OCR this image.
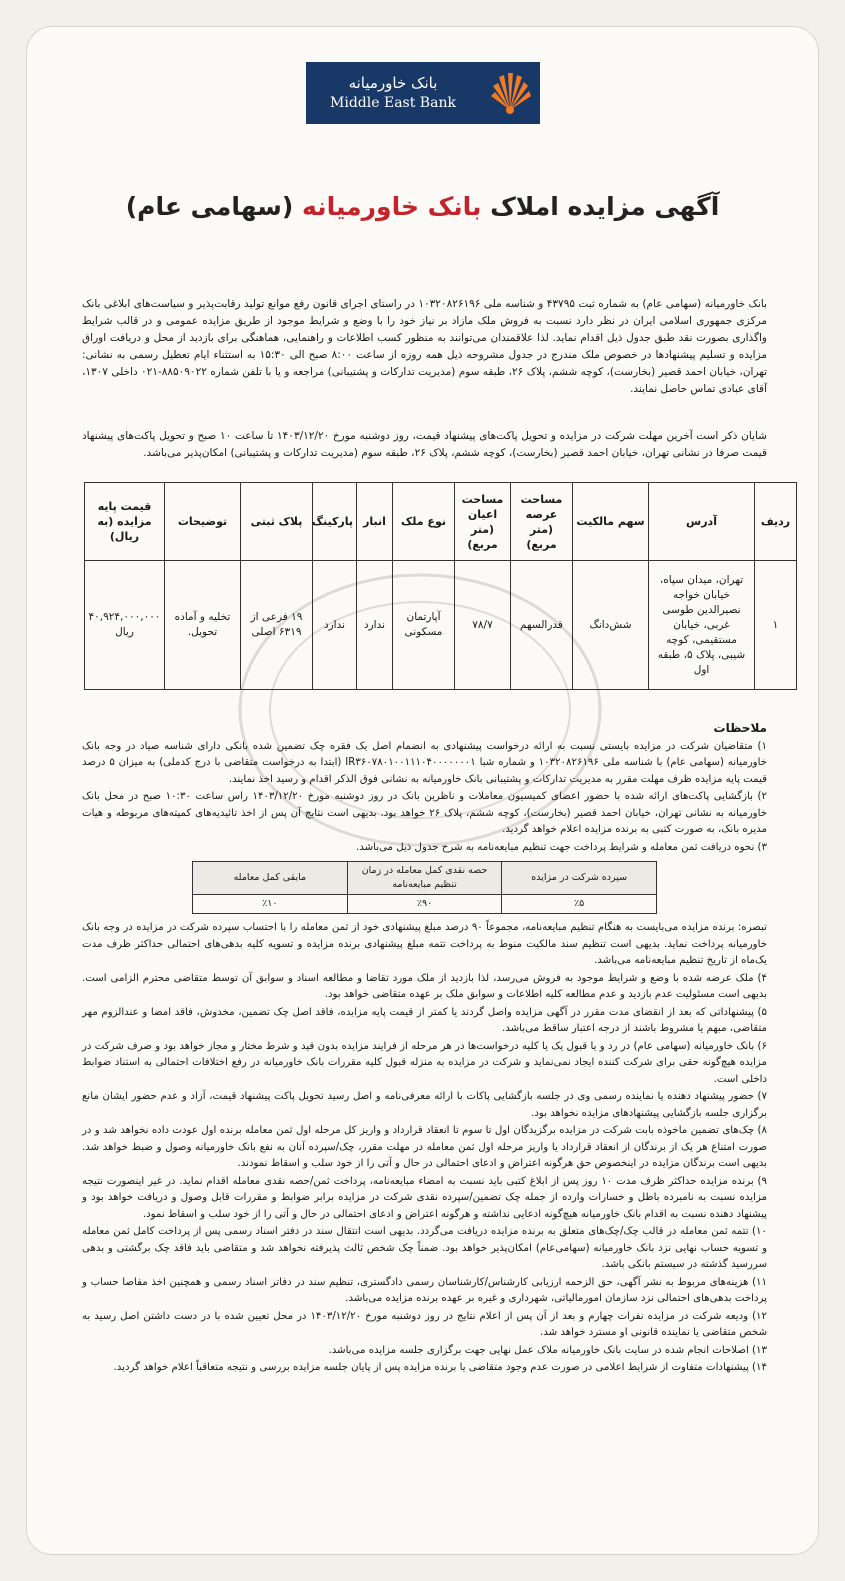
بانک خاورمیانه
Middle East Bank
آگهی مزایده املاک بانک خاورمیانه (سهامی عام)
بانک خاورمیانه (سهامی عام) به شماره ثبت ۴۳۷۹۵ و شناسه ملی ۱۰۳۲۰۸۲۶۱۹۶ در راستای اجرای قانون رفع موانع تولید رقابت‌پذیر و سیاست‌های ابلاغی بانک مرکزی جمهوری اسلامی ایران در نظر دارد نسبت به فروش ملک مازاد بر نیاز خود را با وضع و شرایط موجود از طریق مزایده عمومی و در قالب شرایط واگذاری بصورت نقد طبق جدول ذیل اقدام نماید. لذا علاقمندان می‌توانند به منظور کسب اطلاعات و راهنمایی، هماهنگی برای بازدید از محل و دریافت اوراق مزایده و تسلیم پیشنهادها در خصوص ملک مندرج در جدول مشروحه ذیل همه روزه از ساعت ۸:۰۰ صبح الی ۱۵:۳۰ به استثناء ایام تعطیل رسمی به نشانی: تهران، خیابان احمد قصیر (بخارست)، کوچه ششم، پلاک ۲۶، طبقه سوم (مدیریت تدارکات و پشتیبانی) مراجعه و یا با تلفن شماره ۸۸۵۰۹۰۲۲-۰۲۱ داخلی ۱۳۰۷، آقای عبادی تماس حاصل نمایند.
شایان ذکر است آخرین مهلت شرکت در مزایده و تحویل پاکت‌های پیشنهاد قیمت، روز دوشنبه مورخ ۱۴۰۳/۱۲/۲۰ تا ساعت ۱۰ صبح و تحویل پاکت‌های پیشنهاد قیمت صرفا در نشانی تهران، خیابان احمد قصیر (بخارست)، کوچه ششم، پلاک ۲۶، طبقه سوم (مدیریت تدارکات و پشتیبانی) امکان‌پذیر می‌باشد.
ردیف	آدرس	سهم مالکیت	مساحت عرصه (متر مربع)	مساحت اعیان (متر مربع)	نوع ملک	انبار	پارکینگ	پلاک ثبتی	توضیحات	قیمت پایه مزایده (به ریال)
۱	تهران، میدان سپاه، خیابان خواجه نصیرالدین طوسی غربی، خیابان مستقیمی، کوچه شیبی، پلاک ۵، طبقه اول	شش‌دانگ	قدرالسهم	۷۸/۷	آپارتمان مسکونی	ندارد	ندارد	۱۹ فرعی از ۶۳۱۹ اصلی	تخلیه و آماده تحویل.	۴۰,۹۲۴,۰۰۰,۰۰۰ ریال
ملاحظات

۱) متقاضیان شرکت در مزایده بایستی نسبت به ارائه درخواست پیشنهادی به انضمام اصل یک فقره چک تضمین شده بانکی دارای شناسه صیاد در وجه بانک خاورمیانه (سهامی عام) با شناسه ملی ۱۰۳۲۰۸۲۶۱۹۶ و شماره شبا IR۳۶۰۷۸۰۱۰۰۱۱۱۰۴۰۰۰۰۰۰۰۱ (ابتدا به درخواست متقاضی با درج کدملی) به میزان ۵ درصد قیمت پایه مزایده ظرف مهلت مقرر به مدیریت تدارکات و پشتیبانی بانک خاورمیانه به نشانی فوق الذکر اقدام و رسید اخذ نمایند.

۲) بازگشایی پاکت‌های ارائه شده با حضور اعضای کمیسیون معاملات و ناظرین بانک در روز دوشنبه مورخ ۱۴۰۳/۱۲/۲۰ راس ساعت ۱۰:۳۰ صبح در محل بانک خاورمیانه به نشانی تهران، خیابان احمد قصیر (بخارست)، کوچه ششم، پلاک ۲۶ خواهد بود. بدیهی است نتایج آن پس از اخذ تائیدیه‌های کمیته‌های مربوطه و هیات مدیره بانک، به صورت کتبی به برنده مزایده اعلام خواهد گردید.

۳) نحوه دریافت ثمن معامله و شرایط پرداخت جهت تنظیم مبایعه‌نامه به شرح جدول ذیل می‌باشد.

سپرده شرکت در مزایده	حصه نقدی کمل معامله در زمان تنظیم مبایعه‌نامه	ما‌بقی کمل معامله
٪۵	٪۹۰	٪۱۰

تبصره: برنده مزایده می‌بایست به هنگام تنظیم مبایعه‌نامه، مجموعاً ۹۰ درصد مبلغ پیشنهادی خود از ثمن معامله را با احتساب سپرده شرکت در مزایده در وجه بانک خاورمیانه پرداخت نماید. بدیهی است تنظیم سند مالکیت منوط به پرداخت تتمه مبلغ پیشنهادی برنده مزایده و تسویه کلیه بدهی‌های احتمالی حداکثر ظرف مدت یک‌ماه از تاریخ تنظیم مبایعه‌نامه می‌باشد.

۴) ملک عرضه شده با وضع و شرایط موجود به فروش می‌رسد، لذا بازدید از ملک مورد تقاضا و مطالعه اسناد و سوابق آن توسط متقاضی محترم الزامی است. بدیهی است مسئولیت عدم بازدید و عدم مطالعه کلیه اطلاعات و سوابق ملک بر عهده متقاضی خواهد بود.

۵) پیشنهاداتی که بعد از انقضای مدت مقرر در آگهی مزایده واصل گردند یا کمتر از قیمت پایه مزایده، فاقد اصل چک تضمین، مخدوش، فاقد امضا و عندالزوم مهر متقاضی، مبهم یا مشروط باشند از درجه اعتبار ساقط می‌باشد.

۶) بانک خاورمیانه (سهامی عام) در رد و یا قبول یک یا کلیه درخواست‌ها در هر مرحله از فرایند مزایده بدون قید و شرط مختار و مجاز خواهد بود و صرف شرکت در مزایده هیچ‌گونه حقی برای شرکت کننده ایجاد نمی‌نماید و شرکت در مزایده به منزله قبول کلیه مقررات بانک خاورمیانه در رفع اختلافات احتمالی به استناد ضوابط داخلی است.

۷) حضور پیشنهاد دهنده یا نماینده رسمی وی در جلسه بازگشایی پاکات با ارائه معرفی‌نامه و اصل رسید تحویل پاکت پیشنهاد قیمت، آزاد و عدم حضور ایشان مانع برگزاری جلسه بازگشایی پیشنهادهای مزایده نخواهد بود.

۸) چک‌های تضمین ماخوذه بابت شرکت در مزایده برگزیدگان اول تا سوم تا انعقاد قرارداد و واریز کل مرحله اول ثمن معامله برنده اول عودت داده نخواهد شد و در صورت امتناع هر یک از برندگان از انعقاد قرارداد یا واریز مرحله اول ثمن معامله در مهلت مقرر، چک/سپرده آنان به نفع بانک خاورمیانه وصول و ضبط خواهد شد. بدیهی است برندگان مزایده در اینخصوص حق هرگونه اعتراض و ادعای احتمالی در حال و آتی را از خود سلب و اسقاط نمودند.

۹) برنده مزایده حداکثر ظرف مدت ۱۰ روز پس از ابلاغ کتبی باید نسبت به امضاء مبایعه‌نامه، پرداخت ثمن/حصه نقدی معامله اقدام نماید. در غیر اینصورت نتیجه مزایده نسبت به نامبرده باطل و خسارات وارده از جمله چک تضمین/سپرده نقدی شرکت در مزایده برابر ضوابط و مقررات قابل وصول و دریافت خواهد بود و پیشنهاد دهنده نسبت به اقدام بانک خاورمیانه هیچ‌گونه ادعایی نداشته و هرگونه اعتراض و ادعای احتمالی در حال و آتی را از خود سلب و اسقاط نمود.

۱۰) تتمه ثمن معامله در قالب چک/چک‌های متعلق به برنده مزایده دریافت می‌گردد. بدیهی است انتقال سند در دفتر اسناد رسمی پس از پرداخت کامل ثمن معامله و تسویه حساب نهایی نزد بانک خاورمیانه (سهامی‌عام) امکان‌پذیر خواهد بود. ضمناً چک شخص ثالث پذیرفته نخواهد شد و متقاضی باید فاقد چک برگشتی و بدهی سررسید گذشته در سیستم بانکی باشد.

۱۱) هزینه‌های مربوط به نشر آگهی، حق الزحمه ارزیابی کارشناس/کارشناسان رسمی دادگستری، تنظیم سند در دفاتر اسناد رسمی و همچنین اخذ مفاصا حساب و پرداخت بدهی‌های احتمالی نزد سازمان امورمالیاتی، شهرداری و غیره بر عهده برنده مزایده می‌باشد.

۱۲) ودیعه شرکت در مزایده نفرات چهارم و بعد از آن پس از اعلام نتایج در روز دوشنبه مورخ ۱۴۰۳/۱۲/۲۰ در محل تعیین شده با در دست داشتن اصل رسید به شخص متقاضی یا نماینده قانونی او مسترد خواهد شد.

۱۳) اصلاحات انجام شده در سایت بانک خاورمیانه ملاک عمل نهایی جهت برگزاری جلسه مزایده می‌باشد.

۱۴) پیشنهادات متفاوت از شرایط اعلامی در صورت عدم وجود متقاضی یا برنده مزایده پس از پایان جلسه مزایده بررسی و نتیجه متعاقباً اعلام خواهد گردید.
